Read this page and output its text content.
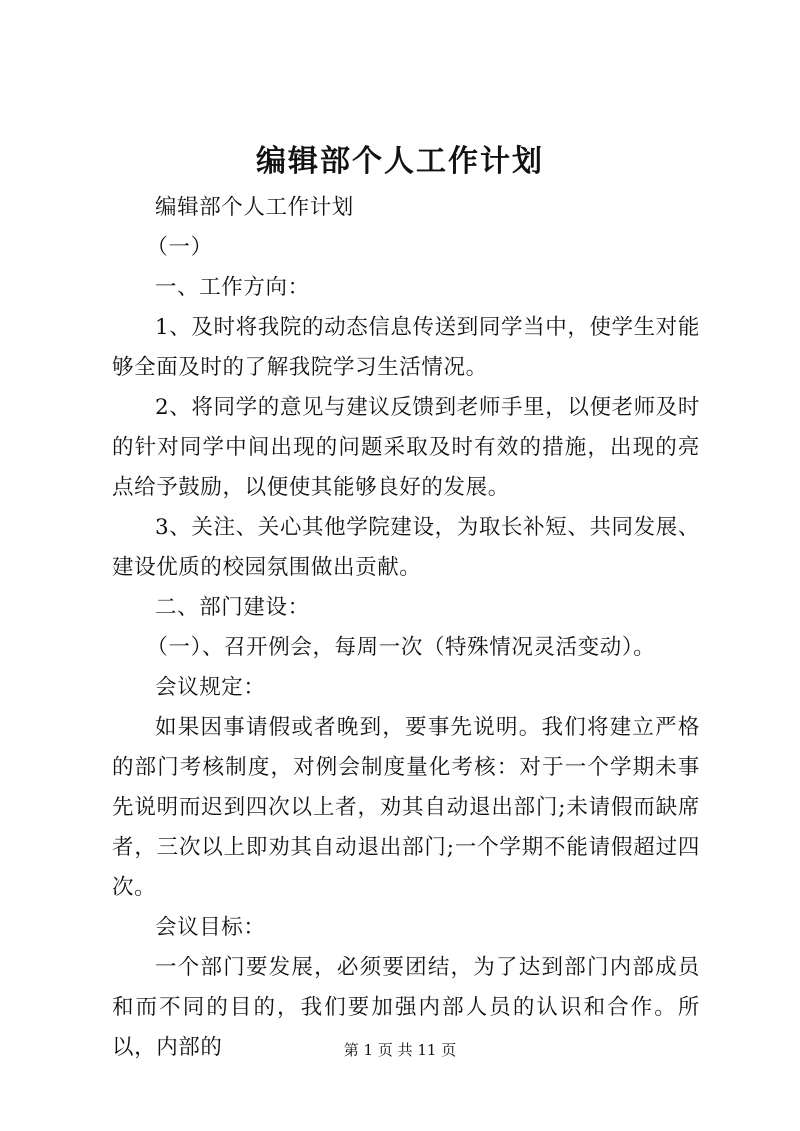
编辑部个人工作计划

编辑部个人工作计划

（一）

一、工作方向：

1、及时将我院的动态信息传送到同学当中，使学生对能够全面及时的了解我院学习生活情况。

2、将同学的意见与建议反馈到老师手里，以便老师及时的针对同学中间出现的问题采取及时有效的措施，出现的亮点给予鼓励，以便使其能够良好的发展。

3、关注、关心其他学院建设，为取长补短、共同发展、建设优质的校园氛围做出贡献。

二、部门建设：

（一）、召开例会，每周一次（特殊情况灵活变动）。

会议规定：

如果因事请假或者晚到，要事先说明。我们将建立严格的部门考核制度，对例会制度量化考核：对于一个学期未事先说明而迟到四次以上者，劝其自动退出部门;未请假而缺席者，三次以上即劝其自动退出部门;一个学期不能请假超过四次。

会议目标：

一个部门要发展，必须要团结，为了达到部门内部成员和而不同的目的，我们要加强内部人员的认识和合作。所以，内部的	第 1 页 共 11 页
